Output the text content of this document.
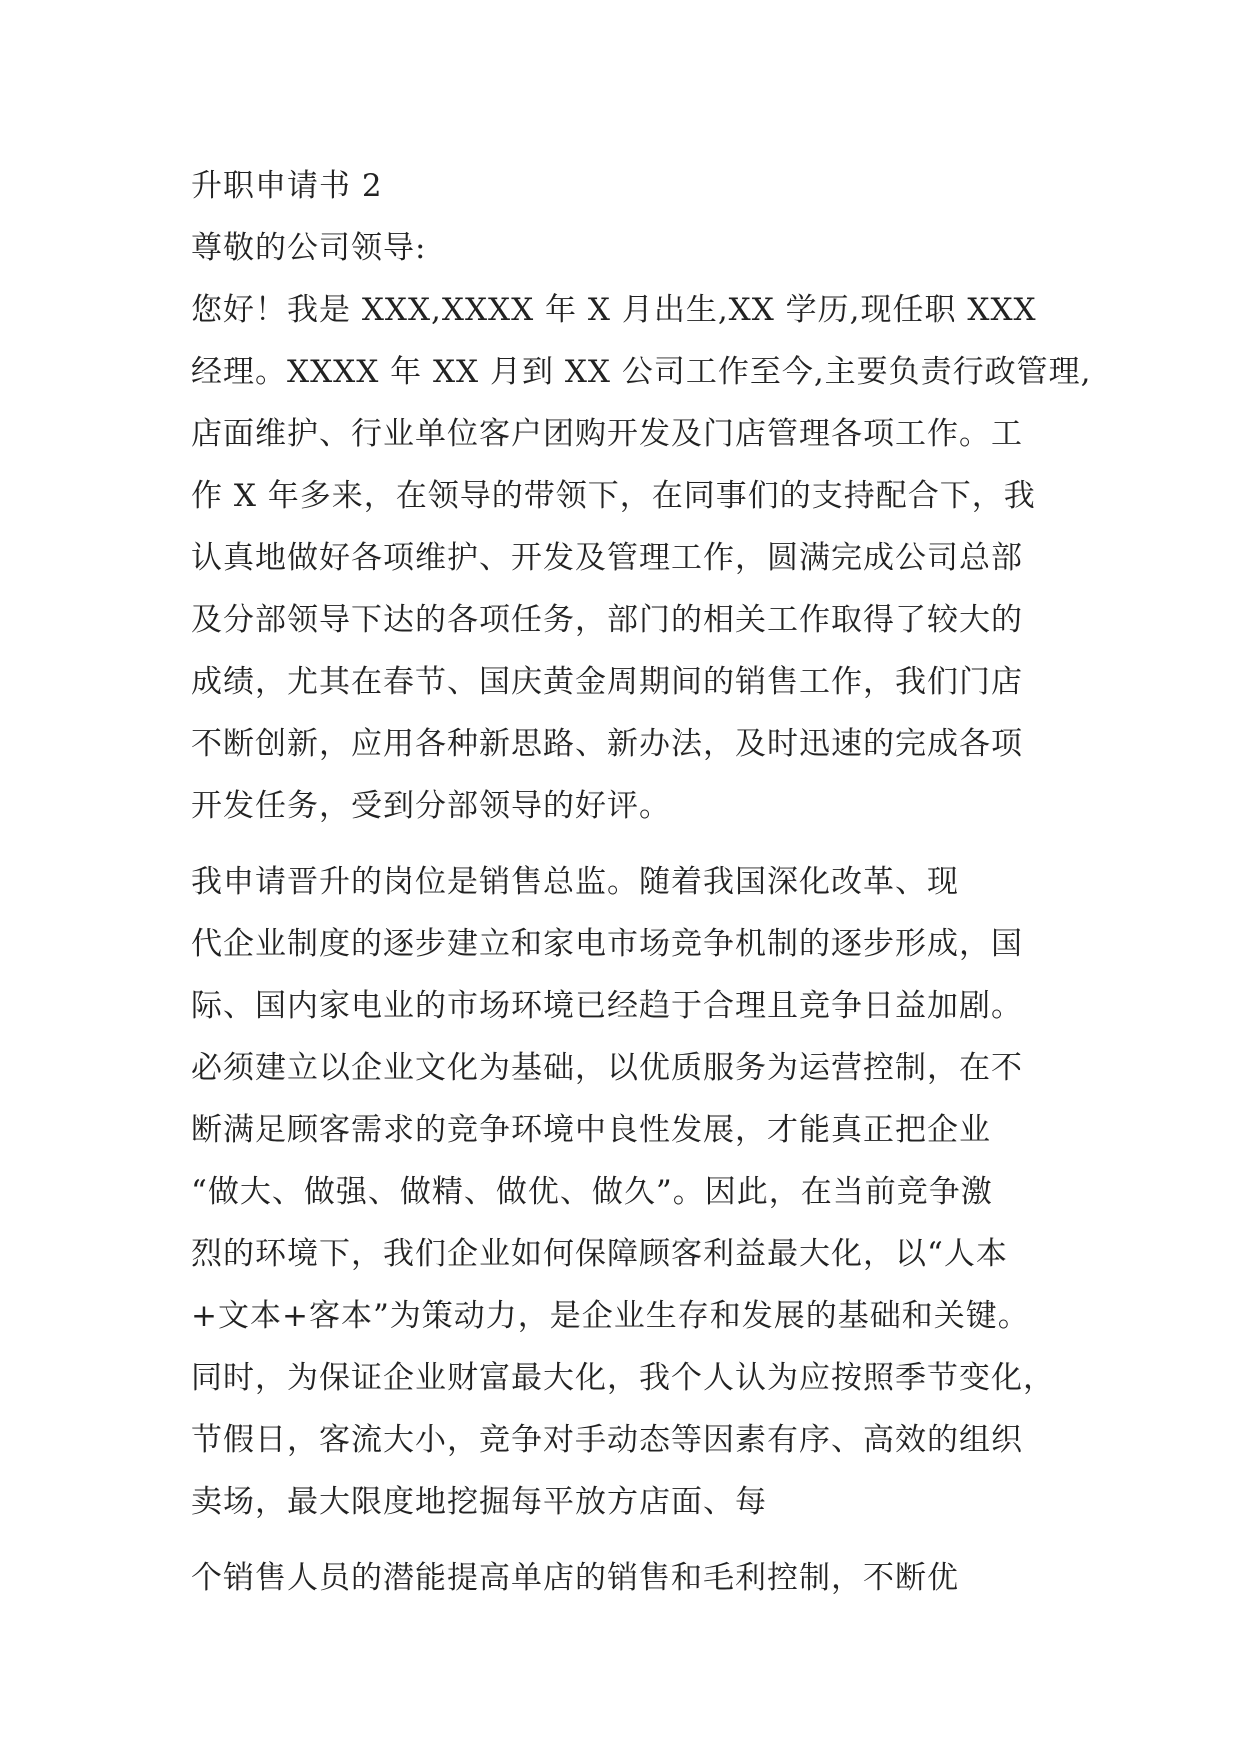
升职申请书 2
尊敬的公司领导:
您好！我是 XXX,XXXX 年 X 月出生,XX 学历,现任职 XXX
经理。XXXX 年 XX 月到 XX 公司工作至今,主要负责行政管理,
店面维护、行业单位客户团购开发及门店管理各项工作。工
作 X 年多来，在领导的带领下，在同事们的支持配合下，我
认真地做好各项维护、开发及管理工作，圆满完成公司总部
及分部领导下达的各项任务，部门的相关工作取得了较大的
成绩，尤其在春节、国庆黄金周期间的销售工作，我们门店
不断创新，应用各种新思路、新办法，及时迅速的完成各项
开发任务，受到分部领导的好评。
我申请晋升的岗位是销售总监。随着我国深化改革、现
代企业制度的逐步建立和家电市场竞争机制的逐步形成，国
际、国内家电业的市场环境已经趋于合理且竞争日益加剧。
必须建立以企业文化为基础，以优质服务为运营控制，在不
断满足顾客需求的竞争环境中良性发展，才能真正把企业
“做大、做强、做精、做优、做久”。因此，在当前竞争激
烈的环境下，我们企业如何保障顾客利益最大化，以“人本
+文本+客本”为策动力，是企业生存和发展的基础和关键。
同时，为保证企业财富最大化，我个人认为应按照季节变化，
节假日，客流大小，竞争对手动态等因素有序、高效的组织
卖场，最大限度地挖掘每平放方店面、每
个销售人员的潜能提高单店的销售和毛利控制，不断优
